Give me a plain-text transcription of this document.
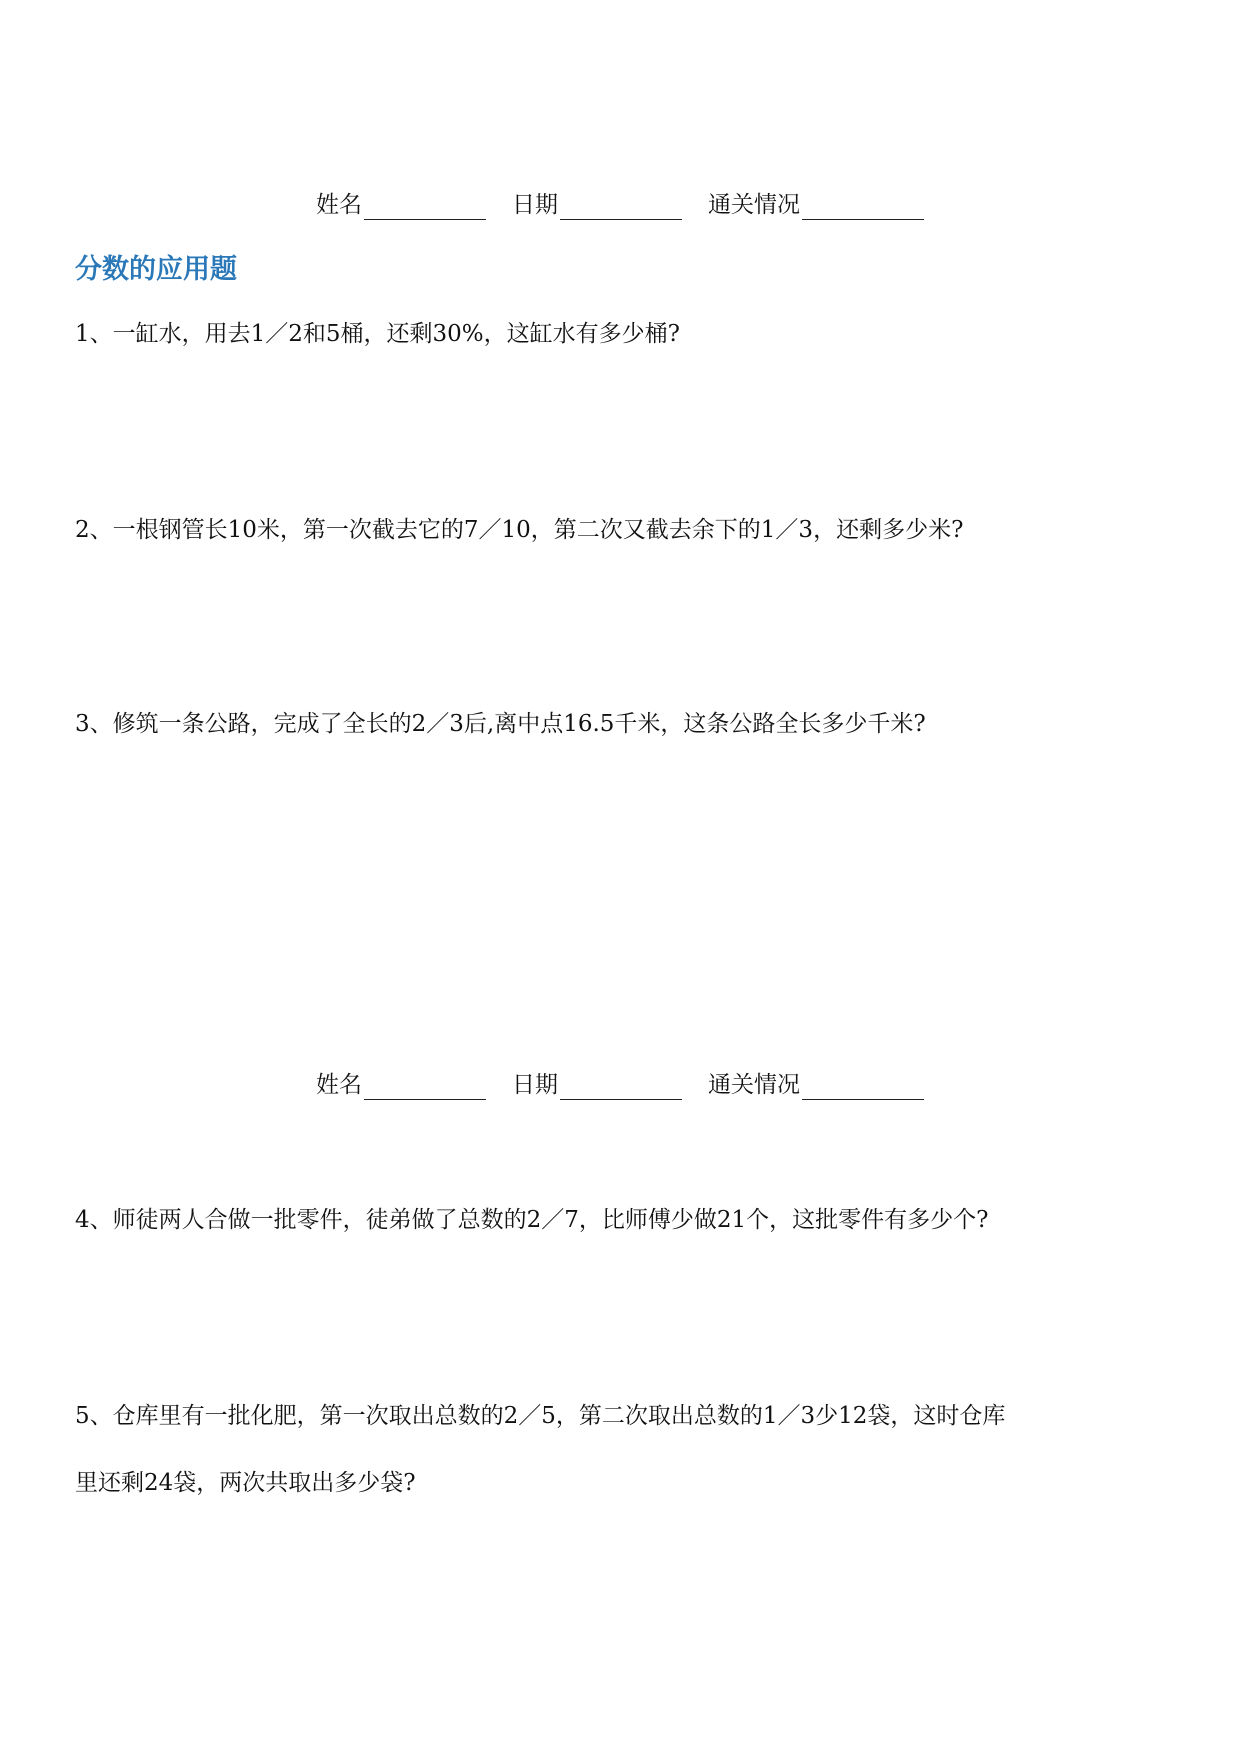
姓名	日期	通关情况
分数的应用题
1、一缸水，用去1／2和5桶，还剩30%，这缸水有多少桶?
2、一根钢管长10米，第一次截去它的7／10，第二次又截去余下的1／3，还剩多少米?
3、修筑一条公路，完成了全长的2／3后,离中点16.5千米，这条公路全长多少千米?
姓名	日期	通关情况
4、师徒两人合做一批零件，徒弟做了总数的2／7，比师傅少做21个，这批零件有多少个?
5、仓库里有一批化肥，第一次取出总数的2／5，第二次取出总数的1／3少12袋，这时仓库
里还剩24袋，两次共取出多少袋?
